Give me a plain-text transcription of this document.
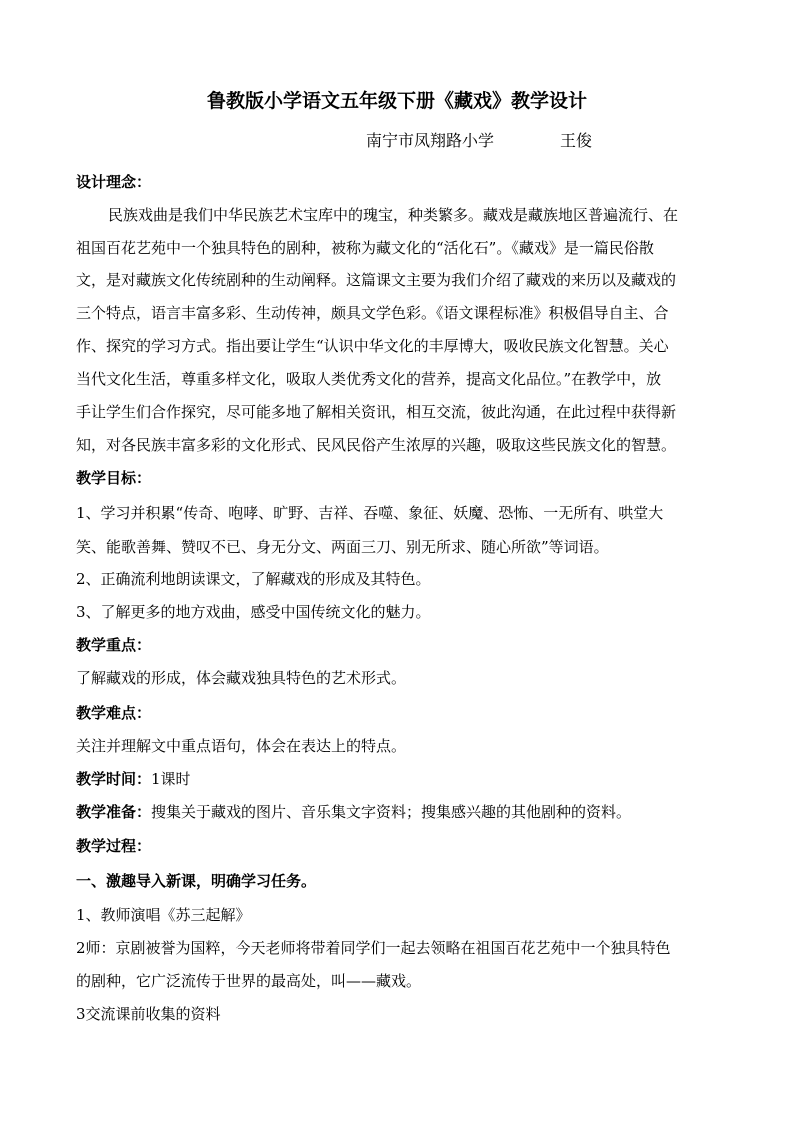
鲁教版小学语文五年级下册《藏戏》教学设计
南宁市凤翔路小学	王俊
设计理念：
民族戏曲是我们中华民族艺术宝库中的瑰宝，种类繁多。藏戏是藏族地区普遍流行、在
祖国百花艺苑中一个独具特色的剧种，被称为藏文化的“活化石”。《藏戏》是一篇民俗散
文，是对藏族文化传统剧种的生动阐释。这篇课文主要为我们介绍了藏戏的来历以及藏戏的
三个特点，语言丰富多彩、生动传神，颇具文学色彩。《语文课程标准》积极倡导自主、合
作、探究的学习方式。指出要让学生“认识中华文化的丰厚博大，吸收民族文化智慧。关心
当代文化生活，尊重多样文化，吸取人类优秀文化的营养，提高文化品位。”在教学中，放
手让学生们合作探究，尽可能多地了解相关资讯，相互交流，彼此沟通，在此过程中获得新
知，对各民族丰富多彩的文化形式、民风民俗产生浓厚的兴趣，吸取这些民族文化的智慧。
教学目标：
1、学习并积累“传奇、咆哮、旷野、吉祥、吞噬、象征、妖魔、恐怖、一无所有、哄堂大
笑、能歌善舞、赞叹不已、身无分文、两面三刀、别无所求、随心所欲”等词语。
2、正确流利地朗读课文，了解藏戏的形成及其特色。
3、了解更多的地方戏曲，感受中国传统文化的魅力。
教学重点：
了解藏戏的形成，体会藏戏独具特色的艺术形式。
教学难点：
关注并理解文中重点语句，体会在表达上的特点。
教学时间：1课时
教学准备：搜集关于藏戏的图片、音乐集文字资料；搜集感兴趣的其他剧种的资料。
教学过程：
一、激趣导入新课，明确学习任务。
1、教师演唱《苏三起解》
2师：京剧被誉为国粹，今天老师将带着同学们一起去领略在祖国百花艺苑中一个独具特色
的剧种，它广泛流传于世界的最高处，叫——藏戏。
3交流课前收集的资料
